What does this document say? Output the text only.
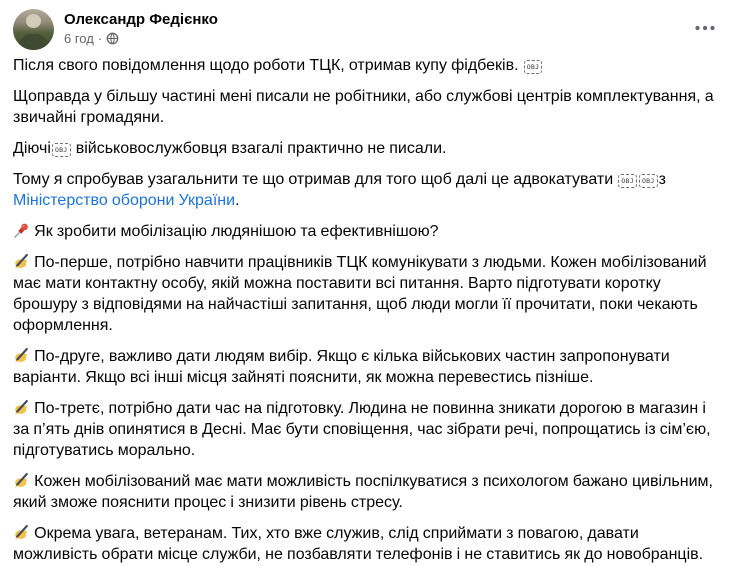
Олександр Федієнко
6 год ·

Після свого повідомлення щодо роботи ТЦК, отримав купу фідбеків. OBJ

Щоправда у більшу частині мені писали не робітники, або службові центрів комплектування, а звичайні громадяни.

Діючі OBJ військовослужбовця взагалі практично не писали.

Тому я спробував узагальнити те що отримав для того щоб далі це адвокатувати OBJ OBJ з Міністерство оборони України.

Як зробити мобілізацію людянішою та ефективнішою?

По-перше, потрібно навчити працівників ТЦК комунікувати з людьми. Кожен мобілізований має мати контактну особу, якій можна поставити всі питання. Варто підготувати коротку брошуру з відповідями на найчастіші запитання, щоб люди могли її прочитати, поки чекають оформлення.

По-друге, важливо дати людям вибір. Якщо є кілька військових частин запропонувати варіанти. Якщо всі інші місця зайняті пояснити, як можна перевестись пізніше.

По-третє, потрібно дати час на підготовку. Людина не повинна зникати дорогою в магазин і за п’ять днів опинятися в Десні. Має бути сповіщення, час зібрати речі, попрощатись із сім’єю, підготуватись морально.

Кожен мобілізований має мати можливість поспілкуватися з психологом бажано цивільним, який зможе пояснити процес і знизити рівень стресу.

Окрема увага, ветеранам. Тих, хто вже служив, слід сприймати з повагою, давати можливість обрати місце служби, не позбавляти телефонів і не ставитись як до новобранців.
